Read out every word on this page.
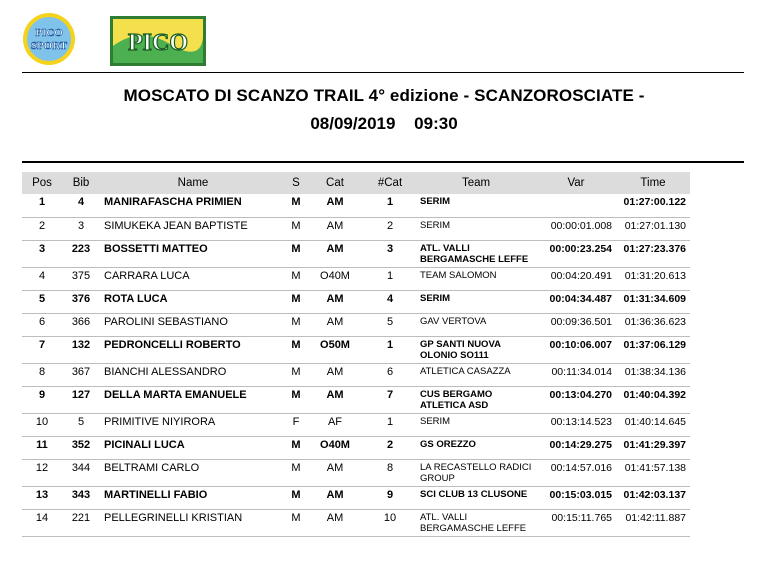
PICO
SPORT	PICO
MOSCATO DI SCANZO TRAIL 4° edizione - SCANZOROSCIATE -
08/09/2019 09:30
Pos	Bib	Name	S	Cat	#Cat	Team	Var	Time
1	4	MANIRAFASCHA PRIMIEN	M	AM	1	SERIM		01:27:00.122
2	3	SIMUKEKA JEAN BAPTISTE	M	AM	2	SERIM	00:00:01.008	01:27:01.130
3	223	BOSSETTI MATTEO	M	AM	3	ATL. VALLI BERGAMASCHE LEFFE	00:00:23.254	01:27:23.376
4	375	CARRARA LUCA	M	O40M	1	TEAM SALOMON	00:04:20.491	01:31:20.613
5	376	ROTA LUCA	M	AM	4	SERIM	00:04:34.487	01:31:34.609
6	366	PAROLINI SEBASTIANO	M	AM	5	GAV VERTOVA	00:09:36.501	01:36:36.623
7	132	PEDRONCELLI ROBERTO	M	O50M	1	GP SANTI NUOVA OLONIO SO111	00:10:06.007	01:37:06.129
8	367	BIANCHI ALESSANDRO	M	AM	6	ATLETICA CASAZZA	00:11:34.014	01:38:34.136
9	127	DELLA MARTA EMANUELE	M	AM	7	CUS BERGAMO ATLETICA ASD	00:13:04.270	01:40:04.392
10	5	PRIMITIVE NIYIRORA	F	AF	1	SERIM	00:13:14.523	01:40:14.645
11	352	PICINALI LUCA	M	O40M	2	GS OREZZO	00:14:29.275	01:41:29.397
12	344	BELTRAMI CARLO	M	AM	8	LA RECASTELLO RADICI GROUP	00:14:57.016	01:41:57.138
13	343	MARTINELLI FABIO	M	AM	9	SCI CLUB 13 CLUSONE	00:15:03.015	01:42:03.137
14	221	PELLEGRINELLI KRISTIAN	M	AM	10	ATL. VALLI BERGAMASCHE LEFFE	00:15:11.765	01:42:11.887
